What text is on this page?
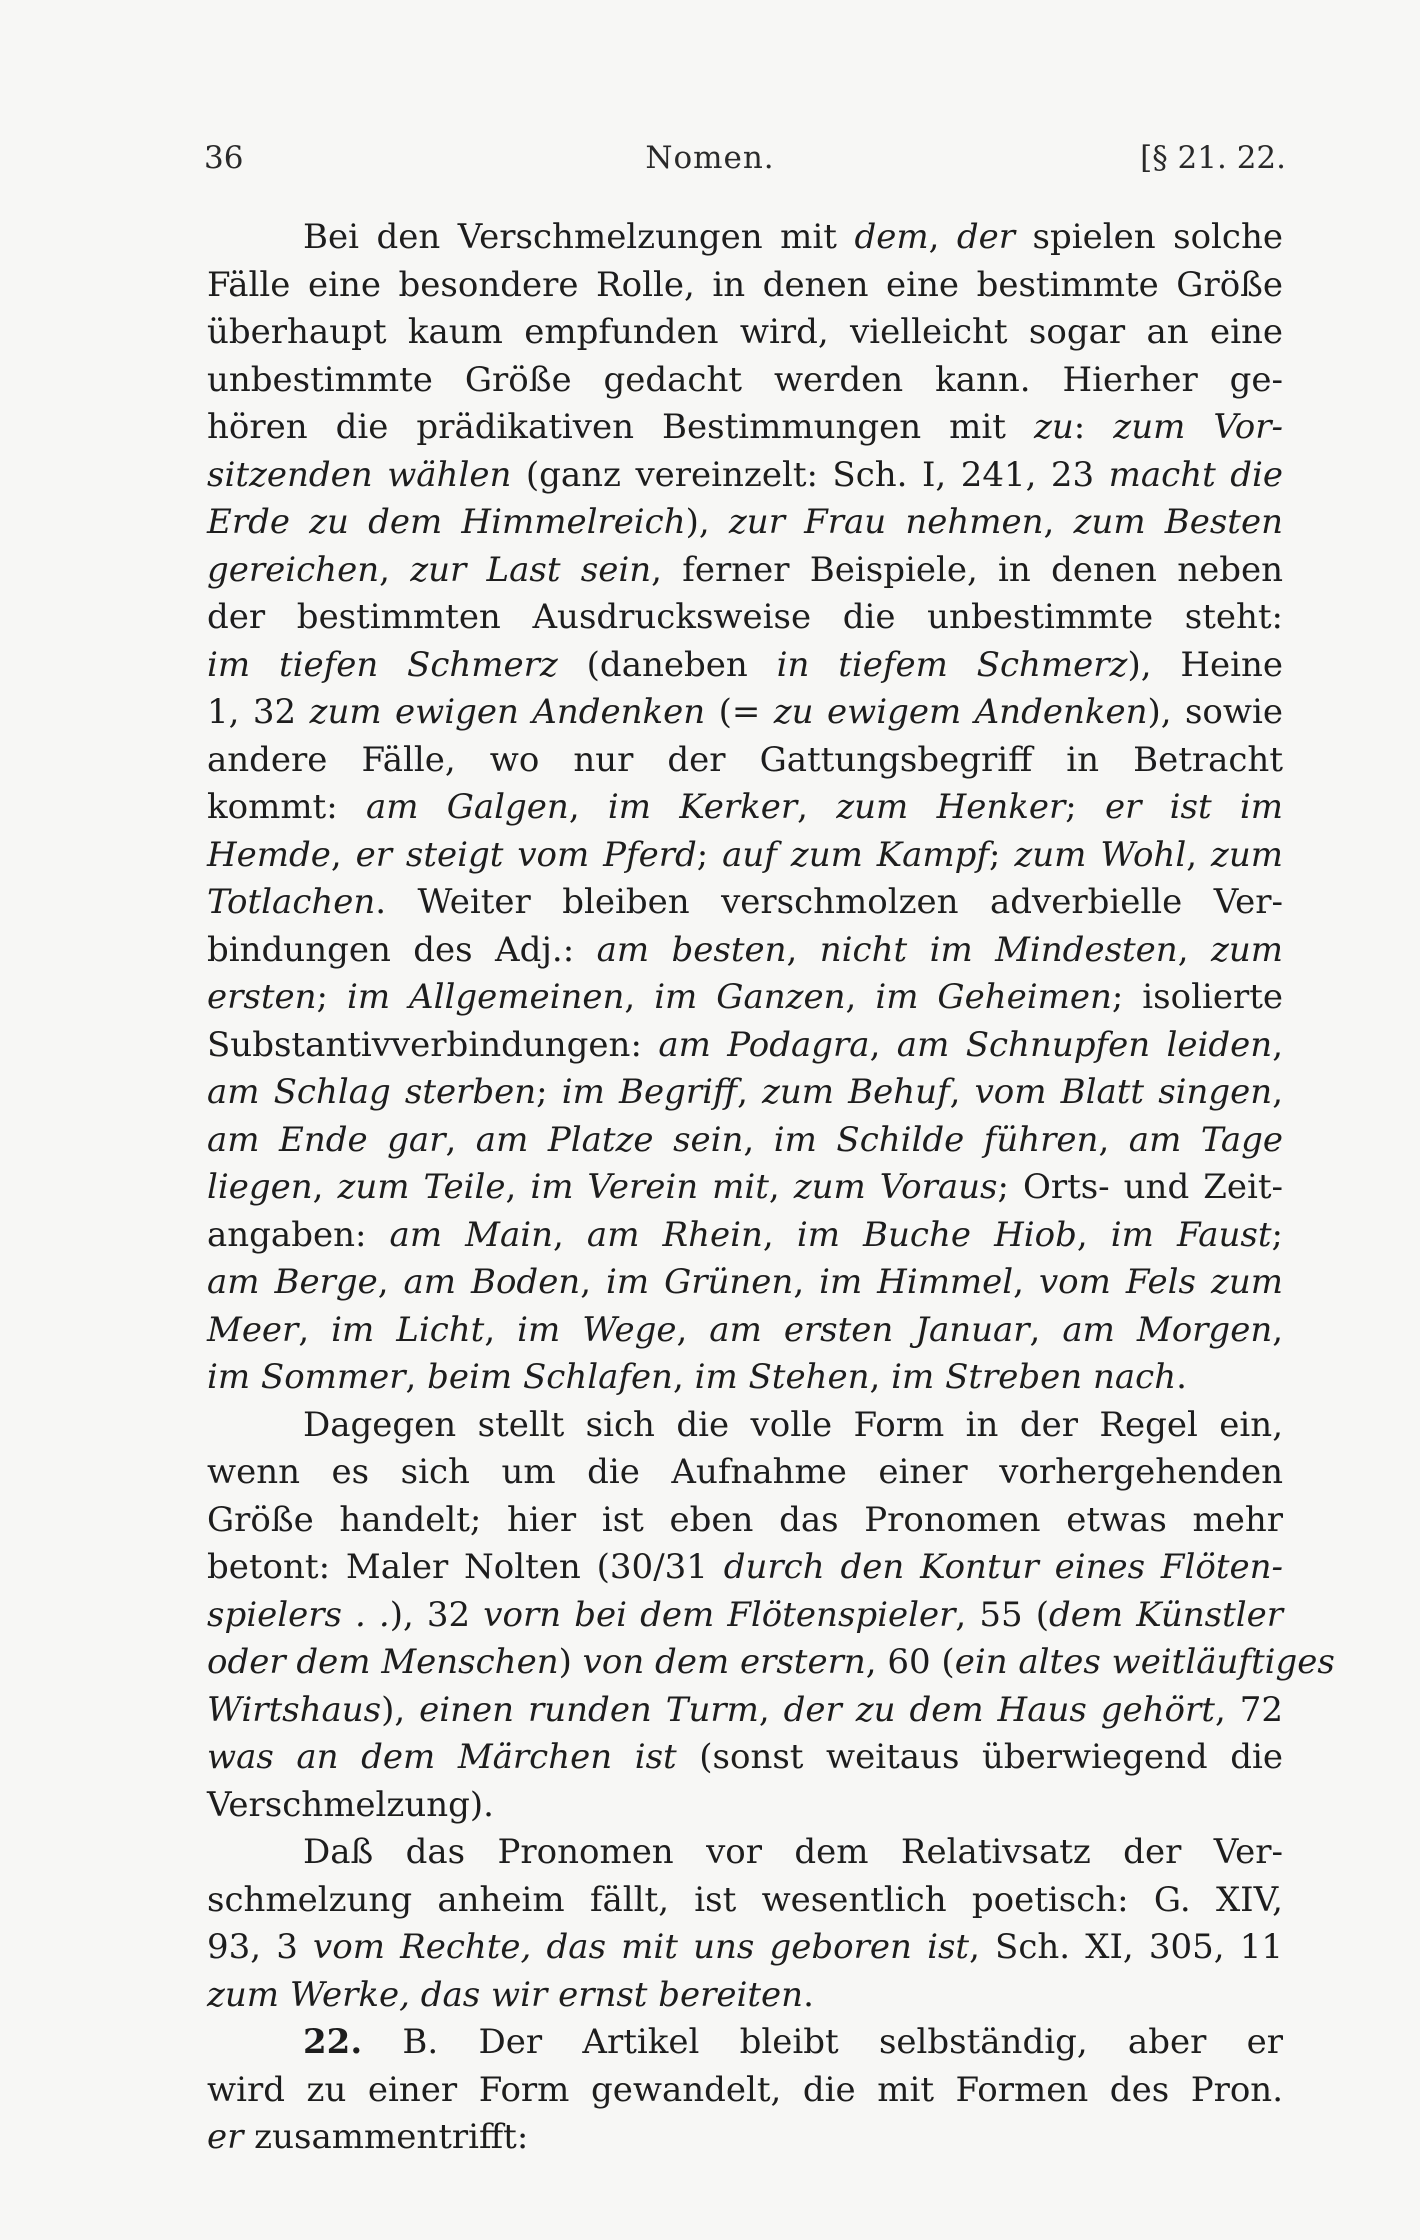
36	Nomen.	[§ 21. 22.
Bei den Verschmelzungen mit dem, der spielen solche
Fälle eine besondere Rolle, in denen eine bestimmte Größe
überhaupt kaum empfunden wird, vielleicht sogar an eine
unbestimmte Größe gedacht werden kann. Hierher ge-
hören die prädikativen Bestimmungen mit zu: zum Vor-
sitzenden wählen (ganz vereinzelt: Sch. I, 241, 23 macht die
Erde zu dem Himmelreich), zur Frau nehmen, zum Besten
gereichen, zur Last sein, ferner Beispiele, in denen neben
der bestimmten Ausdrucksweise die unbestimmte steht:
im tiefen Schmerz (daneben in tiefem Schmerz), Heine
1, 32 zum ewigen Andenken (= zu ewigem Andenken), sowie
andere Fälle, wo nur der Gattungsbegriff in Betracht
kommt: am Galgen, im Kerker, zum Henker; er ist im
Hemde, er steigt vom Pferd; auf zum Kampf; zum Wohl, zum
Totlachen. Weiter bleiben verschmolzen adverbielle Ver-
bindungen des Adj.: am besten, nicht im Mindesten, zum
ersten; im Allgemeinen, im Ganzen, im Geheimen; isolierte
Substantivverbindungen: am Podagra, am Schnupfen leiden,
am Schlag sterben; im Begriff, zum Behuf, vom Blatt singen,
am Ende gar, am Platze sein, im Schilde führen, am Tage
liegen, zum Teile, im Verein mit, zum Voraus; Orts- und Zeit-
angaben: am Main, am Rhein, im Buche Hiob, im Faust;
am Berge, am Boden, im Grünen, im Himmel, vom Fels zum
Meer, im Licht, im Wege, am ersten Januar, am Morgen,
im Sommer, beim Schlafen, im Stehen, im Streben nach.
Dagegen stellt sich die volle Form in der Regel ein,
wenn es sich um die Aufnahme einer vorhergehenden
Größe handelt; hier ist eben das Pronomen etwas mehr
betont: Maler Nolten (30/31 durch den Kontur eines Flöten-
spielers . .), 32 vorn bei dem Flötenspieler, 55 (dem Künstler
oder dem Menschen) von dem erstern, 60 (ein altes weitläuftiges
Wirtshaus), einen runden Turm, der zu dem Haus gehört, 72
was an dem Märchen ist (sonst weitaus überwiegend die
Verschmelzung).
Daß das Pronomen vor dem Relativsatz der Ver-
schmelzung anheim fällt, ist wesentlich poetisch: G. XIV,
93, 3 vom Rechte, das mit uns geboren ist, Sch. XI, 305, 11
zum Werke, das wir ernst bereiten.
22. B. Der Artikel bleibt selbständig, aber er
wird zu einer Form gewandelt, die mit Formen des Pron.
er zusammentrifft:
